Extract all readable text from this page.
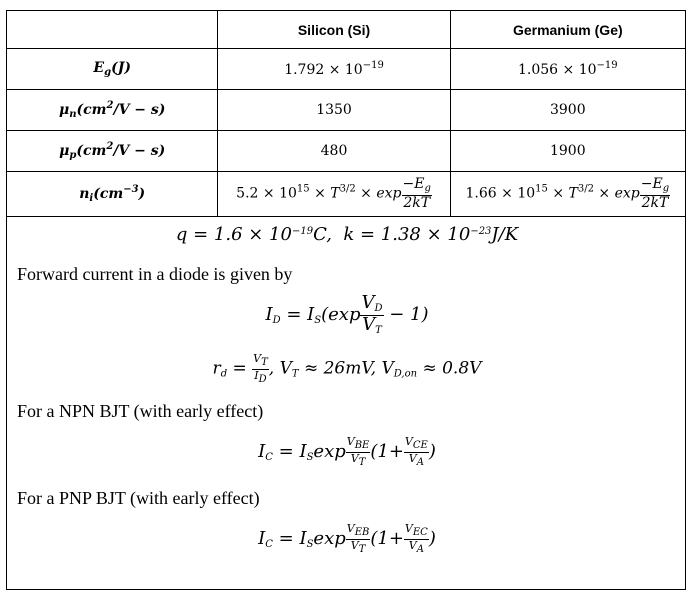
	Silicon (Si)	Germanium (Ge)
$E_g(J)$	$1.792 \times 10^{-19}$	$1.056 \times 10^{-19}$
$\mu_n(cm^2/V - s)$	1350	3900
$\mu_p(cm^2/V - s)$	480	1900
$n_i(cm^{-3})$	$5.2 \times 10^{15} \times T^{3/2} \times \exp \frac{-E_g}{2kT}$	$1.66 \times 10^{15} \times T^{3/2} \times \exp \frac{-E_g}{2kT}$
$q = 1.6 \times 10^{-19}C$,  $k = 1.38 \times 10^{-23}J/K$
Forward current in a diode is given by
$I_D = I_S(\exp \frac{V_D}{V_T} - 1)$
$r_d = \frac{VT}{ID}$ , $V_T \approx 26mV$, $V_{D,on} \approx 0.8V$
For a NPN BJT (with early effect)
$I_C = I_S\exp \frac{\text{VBE}}{VT} (1+ \frac{\text{VCE}}{VA}$ )
For a PNP BJT (with early effect)
$I_C = I_S\exp \frac{\text{VEB}}{VT} (1+ \frac{\text{VEC}}{VA}$ )
